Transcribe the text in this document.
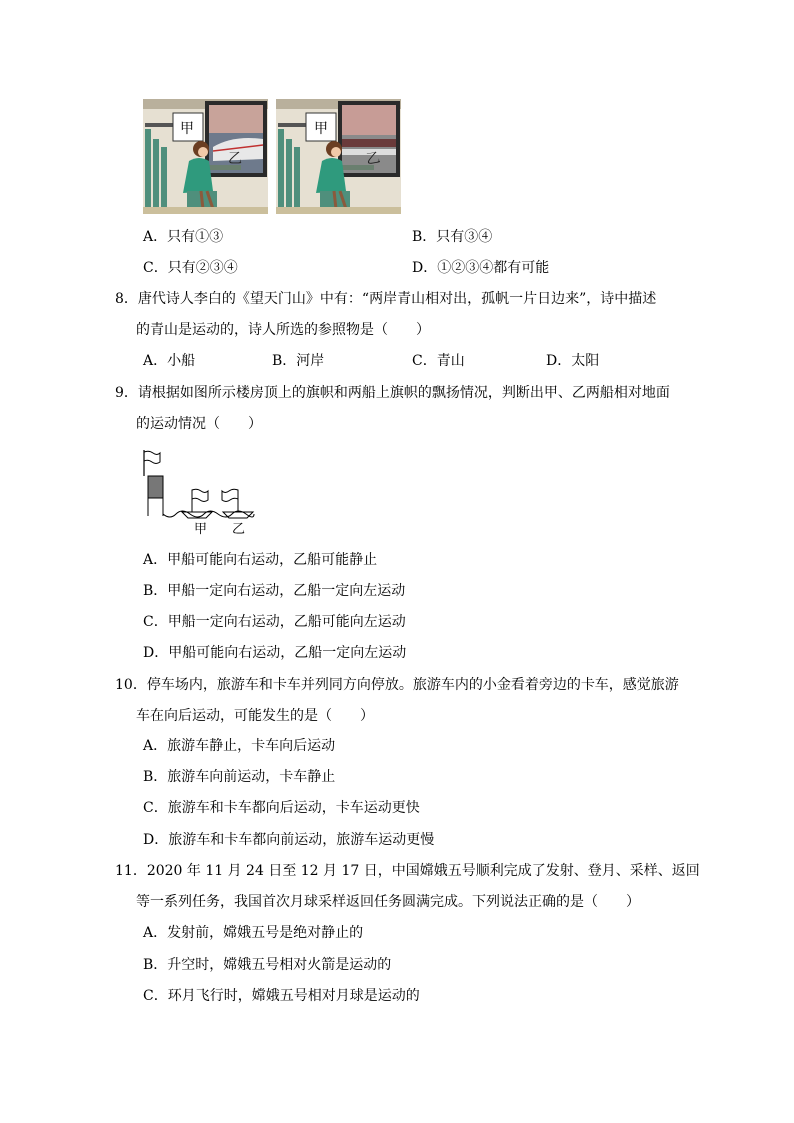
甲
乙
甲
乙
A．只有①③	B．只有③④
C．只有②③④	D．①②③④都有可能
8．唐代诗人李白的《望天门山》中有：“两岸青山相对出，孤帆一片日边来”，诗中描述
的青山是运动的，诗人所选的参照物是（　　）
A．小船	B．河岸	C．青山	D．太阳
9．请根据如图所示楼房顶上的旗帜和两船上旗帜的飘扬情况，判断出甲、乙两船相对地面
的运动情况（　　）
甲 乙
A．甲船可能向右运动，乙船可能静止
B．甲船一定向右运动，乙船一定向左运动
C．甲船一定向右运动，乙船可能向左运动
D．甲船可能向右运动，乙船一定向左运动
10．停车场内，旅游车和卡车并列同方向停放。旅游车内的小金看着旁边的卡车，感觉旅游
车在向后运动，可能发生的是（　　）
A．旅游车静止，卡车向后运动
B．旅游车向前运动，卡车静止
C．旅游车和卡车都向后运动，卡车运动更快
D．旅游车和卡车都向前运动，旅游车运动更慢
11．2020 年 11 月 24 日至 12 月 17 日，中国嫦娥五号顺利完成了发射、登月、采样、返回
等一系列任务，我国首次月球采样返回任务圆满完成。下列说法正确的是（　　）
A．发射前，嫦娥五号是绝对静止的
B．升空时，嫦娥五号相对火箭是运动的
C．环月飞行时，嫦娥五号相对月球是运动的
